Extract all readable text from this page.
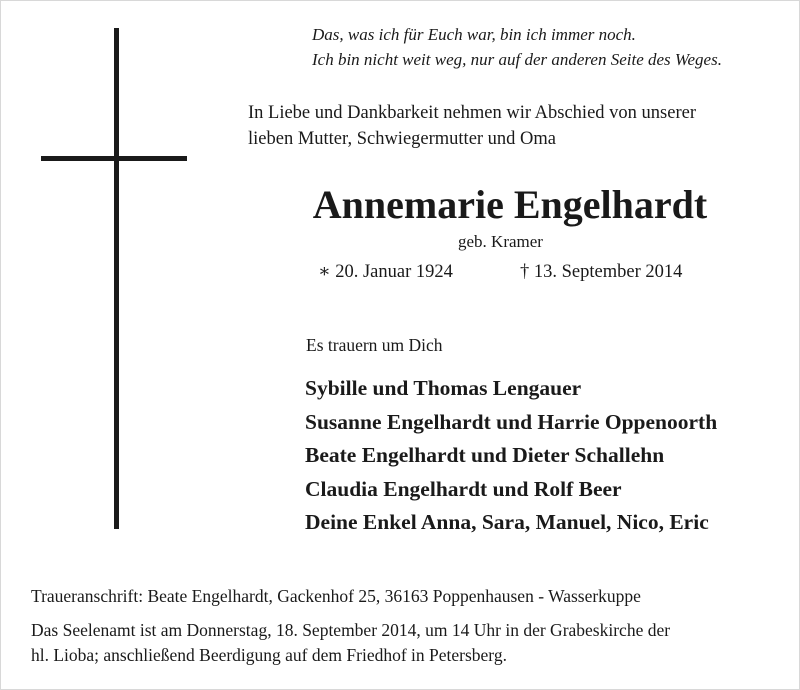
Das, was ich für Euch war, bin ich immer noch.
Ich bin nicht weit weg, nur auf der anderen Seite des Weges.
In Liebe und Dankbarkeit nehmen wir Abschied von unserer
lieben Mutter, Schwiegermutter und Oma
Annemarie Engelhardt
geb. Kramer
∗ 20. Januar 1924	† 13. September 2014
Es trauern um Dich
Sybille und Thomas Lengauer
Susanne Engelhardt und Harrie Oppenoorth
Beate Engelhardt und Dieter Schallehn
Claudia Engelhardt und Rolf Beer
Deine Enkel Anna, Sara, Manuel, Nico, Eric
Traueranschrift: Beate Engelhardt, Gackenhof 25, 36163 Poppenhausen - Wasserkuppe
Das Seelenamt ist am Donnerstag, 18. September 2014, um 14 Uhr in der Grabeskirche der
hl. Lioba; anschließend Beerdigung auf dem Friedhof in Petersberg.
